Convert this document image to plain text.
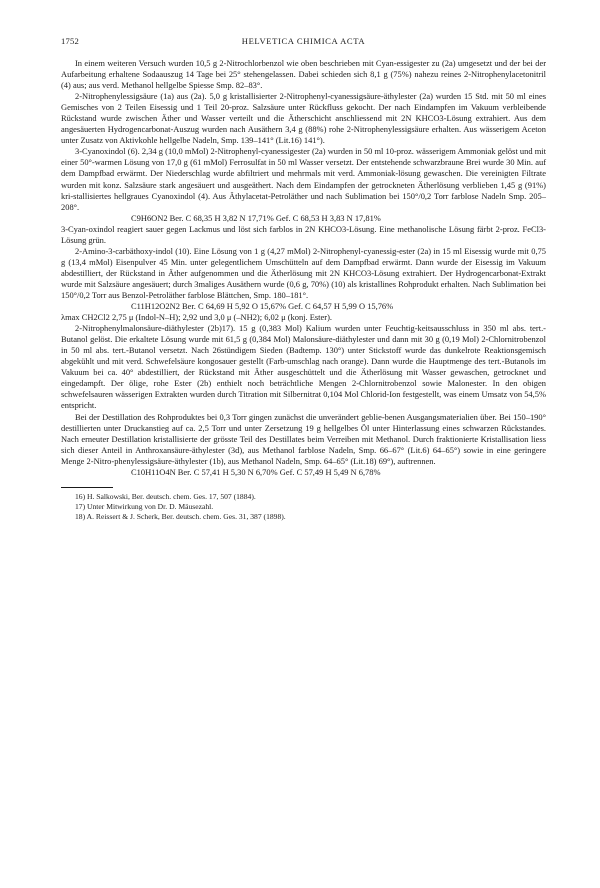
1752	HELVETICA CHIMICA ACTA

In einem weiteren Versuch wurden 10,5 g 2-Nitrochlorbenzol wie oben beschrieben mit Cyan-essigester zu (2a) umgesetzt und der bei der Aufarbeitung erhaltene Sodaauszug 14 Tage bei 25° stehengelassen. Dabei schieden sich 8,1 g (75%) nahezu reines 2-Nitrophenylacetonitril (4) aus; aus verd. Methanol hellgelbe Spiesse Smp. 82–83°.

2-Nitrophenylessigsäure (1a) aus (2a). 5,0 g kristallisierter 2-Nitrophenyl-cyanessigsäure-äthylester (2a) wurden 15 Std. mit 50 ml eines Gemisches von 2 Teilen Eisessig und 1 Teil 20-proz. Salzsäure unter Rückfluss gekocht. Der nach Eindampfen im Vakuum verbleibende Rückstand wurde zwischen Äther und Wasser verteilt und die Ätherschicht anschliessend mit 2N KHCO3-Lösung extrahiert. Aus dem angesäuerten Hydrogencarbonat-Auszug wurden nach Ausäthern 3,4 g (88%) rohe 2-Nitrophenylessigsäure erhalten. Aus wässerigem Aceton unter Zusatz von Aktivkohle hellgelbe Nadeln, Smp. 139–141° (Lit.16) 141°).

3-Cyanoxindol (6). 2,34 g (10,0 mMol) 2-Nitrophenyl-cyanessigester (2a) wurden in 50 ml 10-proz. wässerigem Ammoniak gelöst und mit einer 50°-warmen Lösung von 17,0 g (61 mMol) Ferrosulfat in 50 ml Wasser versetzt. Der entstehende schwarzbraune Brei wurde 30 Min. auf dem Dampfbad erwärmt. Der Niederschlag wurde abfiltriert und mehrmals mit verd. Ammoniak-lösung gewaschen. Die vereinigten Filtrate wurden mit konz. Salzsäure stark angesäuert und ausgeäthert. Nach dem Eindampfen der getrockneten Ätherlösung verblieben 1,45 g (91%) kri-stallisiertes hellgraues Cyanoxindol (4). Aus Äthylacetat-Petroläther und nach Sublimation bei 150°/0,2 Torr farblose Nadeln Smp. 205–208°.

C9H6ON2 Ber. C 68,35 H 3,82 N 17,71% Gef. C 68,53 H 3,83 N 17,81%

3-Cyan-oxindol reagiert sauer gegen Lackmus und löst sich farblos in 2N KHCO3-Lösung. Eine methanolische Lösung färbt 2-proz. FeCl3-Lösung grün.

2-Amino-3-carbäthoxy-indol (10). Eine Lösung von 1 g (4,27 mMol) 2-Nitrophenyl-cyanessig-ester (2a) in 15 ml Eisessig wurde mit 0,75 g (13,4 mMol) Eisenpulver 45 Min. unter gelegentlichem Umschütteln auf dem Dampfbad erwärmt. Dann wurde der Eisessig im Vakuum abdestilliert, der Rückstand in Äther aufgenommen und die Ätherlösung mit 2N KHCO3-Lösung extrahiert. Der Hydrogencarbonat-Extrakt wurde mit Salzsäure angesäuert; durch 3maliges Ausäthern wurde (0,6 g, 70%) (10) als kristallines Rohprodukt erhalten. Nach Sublimation bei 150°/0,2 Torr aus Benzol-Petroläther farblose Blättchen, Smp. 180–181°.

C11H12O2N2 Ber. C 64,69 H 5,92 O 15,67% Gef. C 64,57 H 5,99 O 15,76%

λmax CH2Cl2 2,75 μ (Indol-N–H); 2,92 und 3,0 μ (–NH2); 6,02 μ (konj. Ester).

2-Nitrophenylmalonsäure-diäthylester (2b)17). 15 g (0,383 Mol) Kalium wurden unter Feuchtig-keitsausschluss in 350 ml abs. tert.-Butanol gelöst. Die erkaltete Lösung wurde mit 61,5 g (0,384 Mol) Malonsäure-diäthylester und dann mit 30 g (0,19 Mol) 2-Chlornitrobenzol in 50 ml abs. tert.-Butanol versetzt. Nach 26stündigem Sieden (Badtemp. 130°) unter Stickstoff wurde das dunkelrote Reaktionsgemisch abgekühlt und mit verd. Schwefelsäure kongosauer gestellt (Farb-umschlag nach orange). Dann wurde die Hauptmenge des tert.-Butanols im Vakuum bei ca. 40° abdestilliert, der Rückstand mit Äther ausgeschüttelt und die Ätherlösung mit Wasser gewaschen, getrocknet und eingedampft. Der ölige, rohe Ester (2b) enthielt noch beträchtliche Mengen 2-Chlornitrobenzol sowie Malonester. In den obigen schwefelsauren wässerigen Extrakten wurden durch Titration mit Silbernitrat 0,104 Mol Chlorid-Ion festgestellt, was einem Umsatz von 54,5% entspricht.

Bei der Destillation des Rohproduktes bei 0,3 Torr gingen zunächst die unverändert geblie-benen Ausgangsmaterialien über. Bei 150–190° destillierten unter Druckanstieg auf ca. 2,5 Torr und unter Zersetzung 19 g hellgelbes Öl unter Hinterlassung eines schwarzen Rückstandes. Nach erneuter Destillation kristallisierte der grösste Teil des Destillates beim Verreiben mit Methanol. Durch fraktionierte Kristallisation liess sich dieser Anteil in Anthroxansäure-äthylester (3d), aus Methanol farblose Nadeln, Smp. 66–67° (Lit.6) 64–65°) sowie in eine geringere Menge 2-Nitro-phenylessigsäure-äthylester (1b), aus Methanol Nadeln, Smp. 64–65° (Lit.18) 69°), auftrennen.

C10H11O4N Ber. C 57,41 H 5,30 N 6,70% Gef. C 57,49 H 5,49 N 6,78%

16) H. Salkowski, Ber. deutsch. chem. Ges. 17, 507 (1884).
17) Unter Mitwirkung von Dr. D. Mäusezahl.
18) A. Reissert & J. Scherk, Ber. deutsch. chem. Ges. 31, 387 (1898).
